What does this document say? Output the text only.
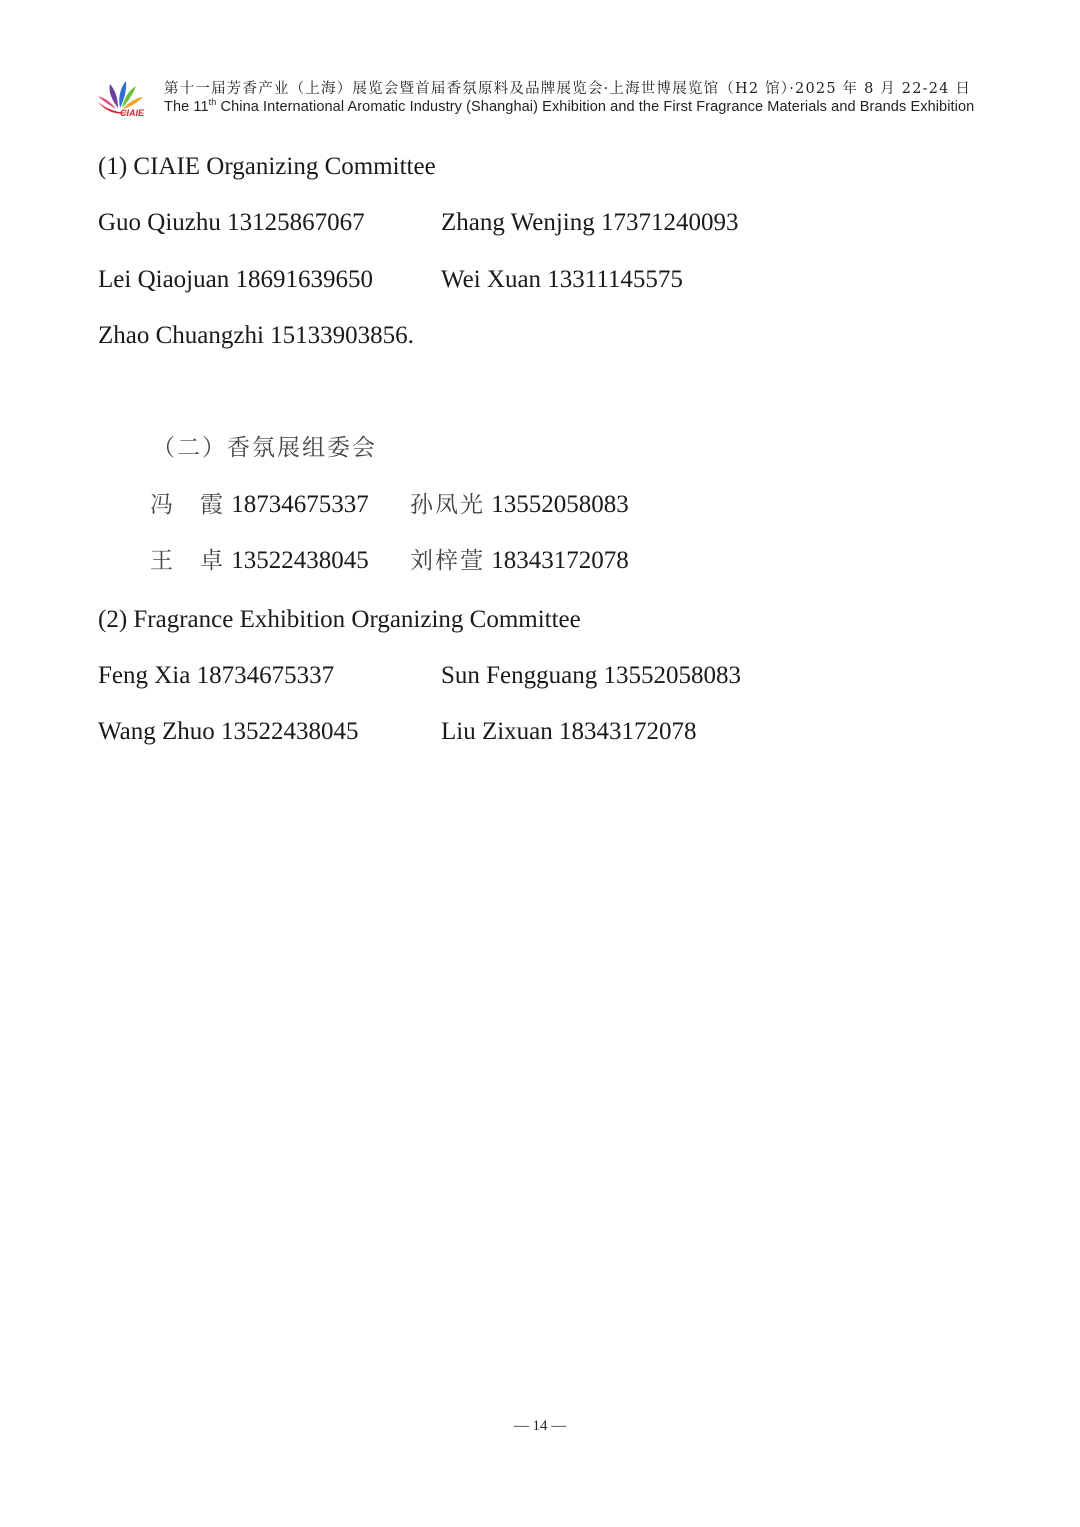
CIAIE
第十一届芳香产业（上海）展览会暨首届香氛原料及品牌展览会·上海世博展览馆（H2 馆）·2025 年 8 月 22-24 日
The 11th China International Aromatic Industry (Shanghai) Exhibition and the First Fragrance Materials and Brands Exhibition
(1) CIAIE Organizing Committee
Guo Qiuzhu 13125867067	Zhang Wenjing 17371240093
Lei Qiaojuan 18691639650	Wei Xuan 13311145575
Zhao Chuangzhi 15133903856.
（二）香氛展组委会
冯　霞 18734675337 孙凤光 13552058083
王　卓 13522438045 刘梓萱 18343172078
(2) Fragrance Exhibition Organizing Committee
Feng Xia 18734675337	Sun Fengguang 13552058083
Wang Zhuo 13522438045	Liu Zixuan 18343172078
— 14 —
